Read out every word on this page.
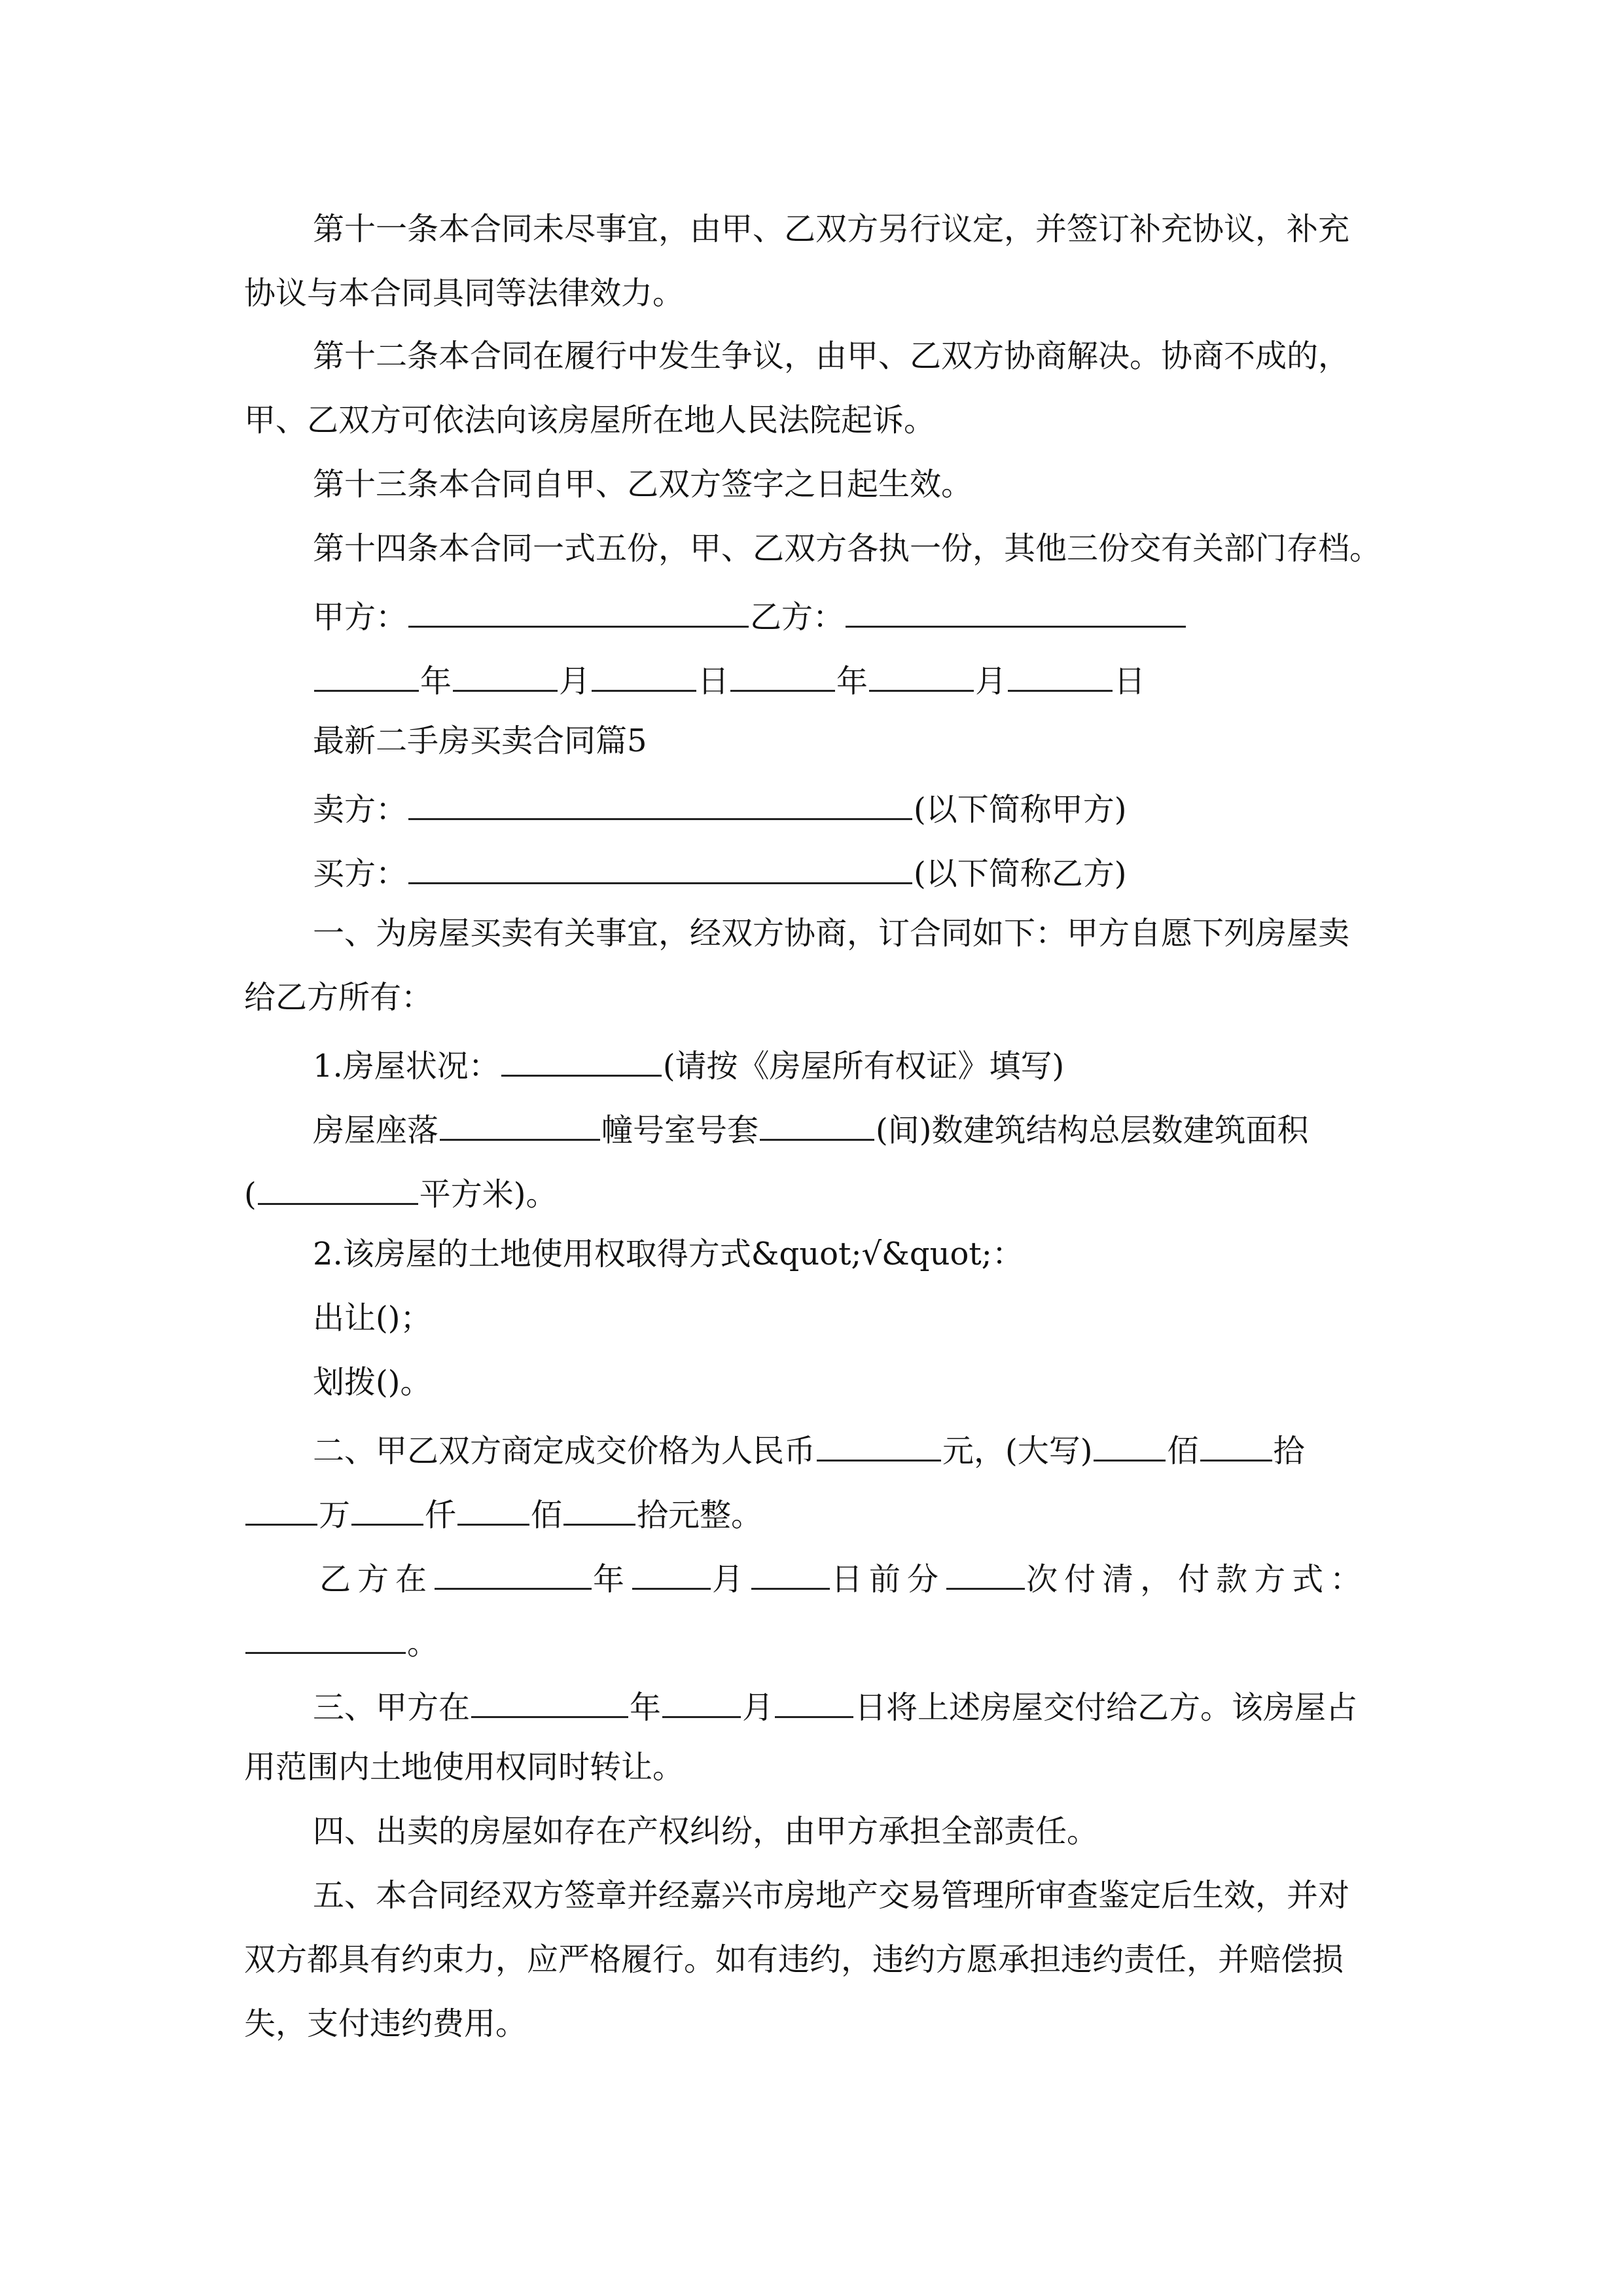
第十一条本合同未尽事宜，由甲、乙双方另行议定，并签订补充协议，补充
协议与本合同具同等法律效力。
第十二条本合同在履行中发生争议，由甲、乙双方协商解决。协商不成的，
甲、乙双方可依法向该房屋所在地人民法院起诉。
第十三条本合同自甲、乙双方签字之日起生效。
第十四条本合同一式五份，甲、乙双方各执一份，其他三份交有关部门存档。
甲方：	乙方：
年	月	日	年	月	日
最新二手房买卖合同篇5
卖方：	(以下简称甲方)
买方：	(以下简称乙方)
一、为房屋买卖有关事宜，经双方协商，订合同如下：甲方自愿下列房屋卖
给乙方所有：
1.房屋状况：	(请按《房屋所有权证》填写)
房屋座落	幢号室号套	(间)数建筑结构总层数建筑面积
(	平方米)。
2.该房屋的土地使用权取得方式&quot;√&quot;：
出让()；
划拨()。
二、甲乙双方商定成交价格为人民币	元，(大写) 佰 拾
万 仟 佰 拾元整。
乙方在	年	月	日前分	次付清，付款方式：
。
三、甲方在	年	月	日将上述房屋交付给乙方。该房屋占
用范围内土地使用权同时转让。
四、出卖的房屋如存在产权纠纷，由甲方承担全部责任。
五、本合同经双方签章并经嘉兴市房地产交易管理所审查鉴定后生效，并对
双方都具有约束力，应严格履行。如有违约，违约方愿承担违约责任，并赔偿损
失，支付违约费用。
